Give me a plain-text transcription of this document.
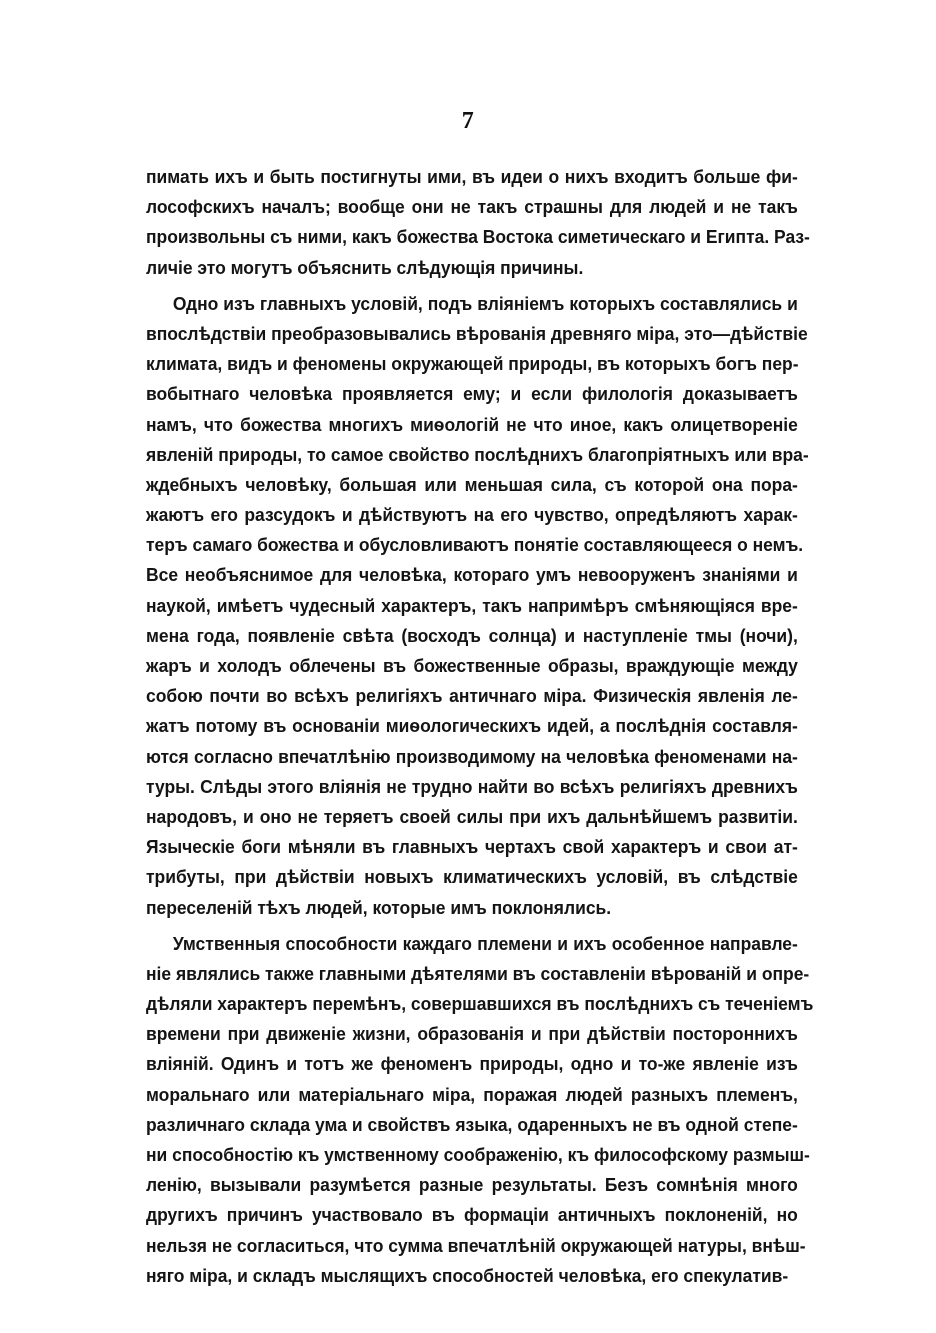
7
пимать ихъ и быть постигнуты ими, въ идеи о нихъ входитъ больше фи-
лософскихъ началъ; вообще они не такъ страшны для людей и не такъ
произвольны съ ними, какъ божества Востока симетическаго и Египта. Раз-
личіе это могутъ объяснить слѣдующія причины.
Одно изъ главныхъ условій, подъ вліяніемъ которыхъ составлялись и
впослѣдствіи преобразовывались вѣрованія древняго міра, это—дѣйствіе
климата, видъ и феномены окружающей природы, въ которыхъ богъ пер-
вобытнаго человѣка проявляется ему; и если филологія доказываетъ
намъ, что божества многихъ миѳологій не что иное, какъ олицетвореніе
явленій природы, то самое свойство послѣднихъ благопріятныхъ или вра-
ждебныхъ человѣку, большая или меньшая сила, съ которой она пора-
жаютъ его разсудокъ и дѣйствуютъ на его чувство, опредѣляютъ харак-
теръ самаго божества и обусловливаютъ понятіе составляющееся о немъ.
Все необъяснимое для человѣка, котораго умъ невооруженъ знаніями и
наукой, имѣетъ чудесный характеръ, такъ напримѣръ смѣняющіяся вре-
мена года, появленіе свѣта (восходъ солнца) и наступленіе тмы (ночи),
жаръ и холодъ облечены въ божественные образы, враждующіе между
собою почти во всѣхъ религіяхъ античнаго міра. Физическія явленія ле-
жатъ потому въ основаніи миѳологическихъ идей, а послѣднія составля-
ются согласно впечатлѣнію производимому на человѣка феноменами на-
туры. Слѣды этого вліянія не трудно найти во всѣхъ религіяхъ древнихъ
народовъ, и оно не теряетъ своей силы при ихъ дальнѣйшемъ развитіи.
Языческіе боги мѣняли въ главныхъ чертахъ свой характеръ и свои ат-
трибуты, при дѣйствіи новыхъ климатическихъ условій, въ слѣдствіе
переселеній тѣхъ людей, которые имъ поклонялись.
Умственныя способности каждаго племени и ихъ особенное направле-
ніе являлись также главными дѣятелями въ составленіи вѣрованій и опре-
дѣляли характеръ перемѣнъ, совершавшихся въ послѣднихъ съ теченіемъ
времени при движеніе жизни, образованія и при дѣйствіи постороннихъ
вліяній. Одинъ и тотъ же феноменъ природы, одно и то-же явленіе изъ
моральнаго или матеріальнаго міра, поражая людей разныхъ племенъ,
различнаго склада ума и свойствъ языка, одаренныхъ не въ одной степе-
ни способностію къ умственному соображенію, къ философскому размыш-
ленію, вызывали разумѣется разные результаты. Безъ сомнѣнія много
другихъ причинъ участвовало въ формаціи античныхъ поклоненій, но
нельзя не согласиться, что сумма впечатлѣній окружающей натуры, внѣш-
няго міра, и складъ мыслящихъ способностей человѣка, его спекулатив-
